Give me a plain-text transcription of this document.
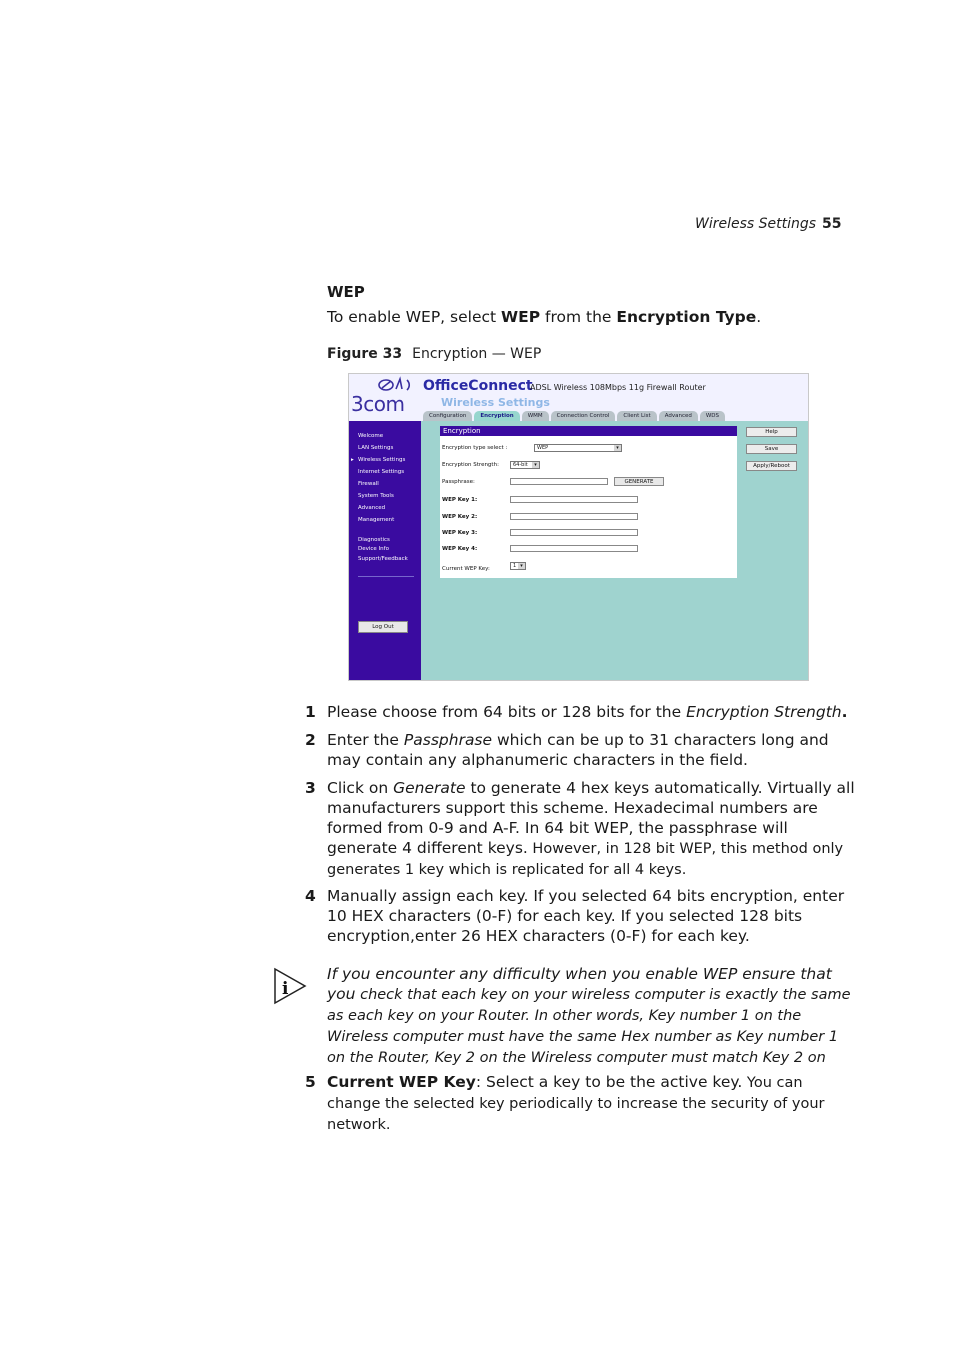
Wireless Settings 55
WEP
To enable WEP, select WEP from the Encryption Type.
Figure 33 Encryption — WEP
3com
OfficeConnect
ADSL Wireless 108Mbps 11g Firewall Router
Wireless Settings
Configuration	Encryption	WMM	Connection Control	Client List	Advanced	WDS
Welcome
LAN Settings
▸ Wireless Settings
Internet Settings
Firewall
System Tools
Advanced
Management
Diagnostics
Device Info
Support/Feedback
Log Out
Encryption
Encryption type select :	WEP	▾
Encryption Strength:	64-bit	▾
Passphrase:	GENERATE
WEP Key 1:
WEP Key 2:
WEP Key 3:
WEP Key 4:
Current WEP Key:	1 ▾
Help
Save
Apply/Reboot
1 Please choose from 64 bits or 128 bits for the Encryption Strength.
2 Enter the Passphrase which can be up to 31 characters long and may contain any alphanumeric characters in the field.
3 Click on Generate to generate 4 hex keys automatically. Virtually all manufacturers support this scheme. Hexadecimal numbers are formed from 0-9 and A-F. In 64 bit WEP, the passphrase will generate 4 different keys. However, in 128 bit WEP, this method only generates 1 key which is replicated for all 4 keys.
4 Manually assign each key. If you selected 64 bits encryption, enter 10 HEX characters (0-F) for each key. If you selected 128 bits encryption,enter 26 HEX characters (0-F) for each key.
i
If you encounter any difficulty when you enable WEP ensure that you check that each key on your wireless computer is exactly the same as each key on your Router. In other words, Key number 1 on the Wireless computer must have the same Hex number as Key number 1 on the Router, Key 2 on the Wireless computer must match Key 2 on
5 Current WEP Key: Select a key to be the active key. You can change the selected key periodically to increase the security of your network.
